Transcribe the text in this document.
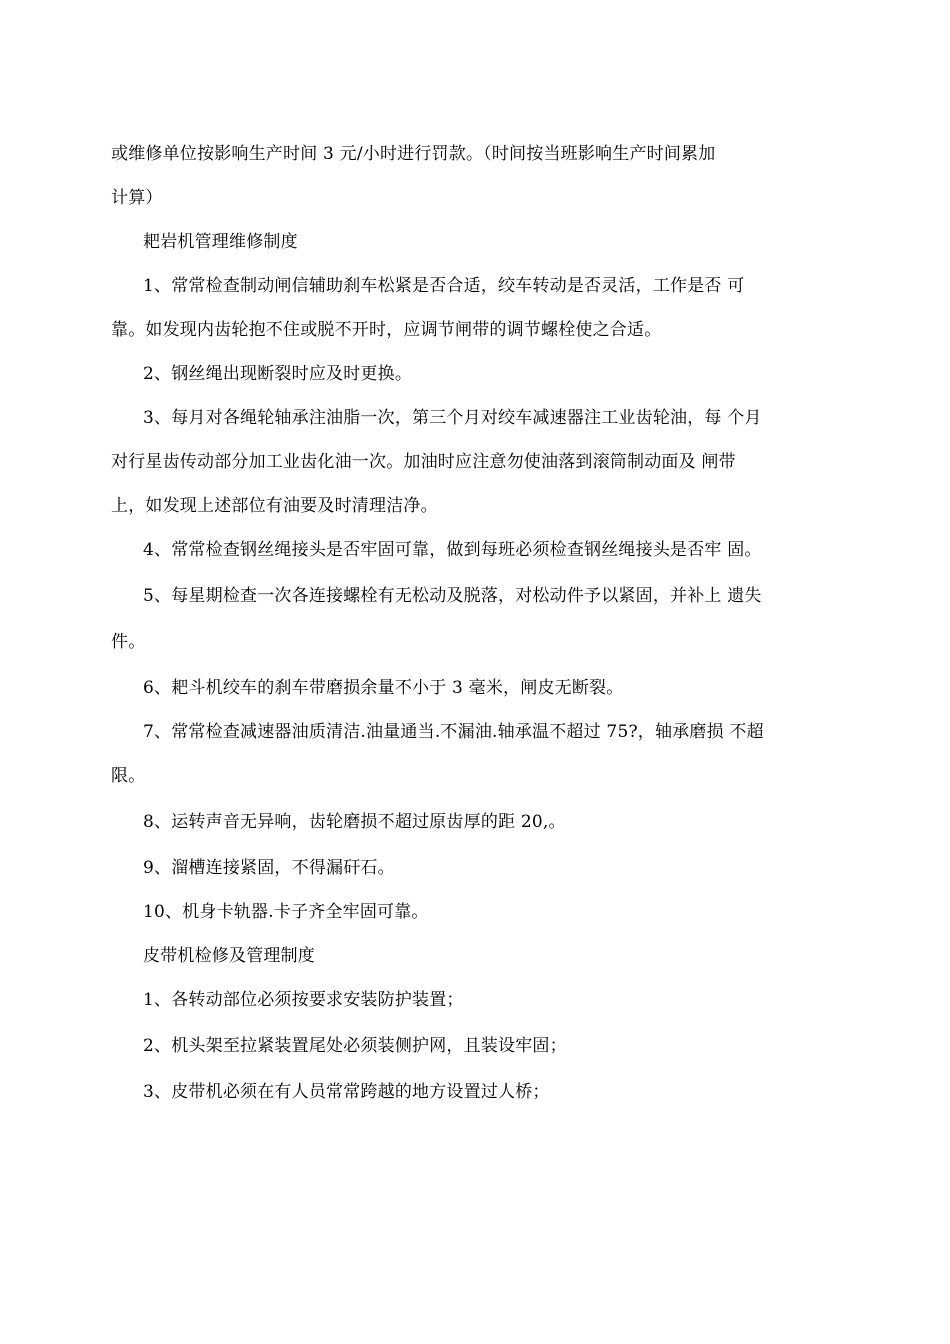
或维修单位按影响生产时间 3 元/小时进行罚款。（时间按当班影响生产时间累加
计算）
耙岩机管理维修制度
1、常常检查制动闸信辅助刹车松紧是否合适，绞车转动是否灵活，工作是否 可
靠。如发现内齿轮抱不住或脱不开时，应调节闸带的调节螺栓使之合适。
2、钢丝绳出现断裂时应及时更换。
3、每月对各绳轮轴承注油脂一次，第三个月对绞车减速器注工业齿轮油，每 个月
对行星齿传动部分加工业齿化油一次。加油时应注意勿使油落到滚筒制动面及 闸带
上，如发现上述部位有油要及时清理洁净。
4、常常检查钢丝绳接头是否牢固可靠，做到每班必须检查钢丝绳接头是否牢 固。
5、每星期检查一次各连接螺栓有无松动及脱落，对松动件予以紧固，并补上 遗失
件。
6、耙斗机绞车的刹车带磨损余量不小于 3 毫米，闸皮无断裂。
7、常常检查减速器油质清洁.油量通当.不漏油.轴承温不超过 75?，轴承磨损 不超
限。
8、运转声音无异响，齿轮磨损不超过原齿厚的距 20,。
9、溜槽连接紧固，不得漏矸石。
10、机身卡轨器.卡子齐全牢固可靠。
皮带机检修及管理制度
1、各转动部位必须按要求安装防护装置；
2、机头架至拉紧装置尾处必须装侧护网，且装设牢固；
3、皮带机必须在有人员常常跨越的地方设置过人桥；
